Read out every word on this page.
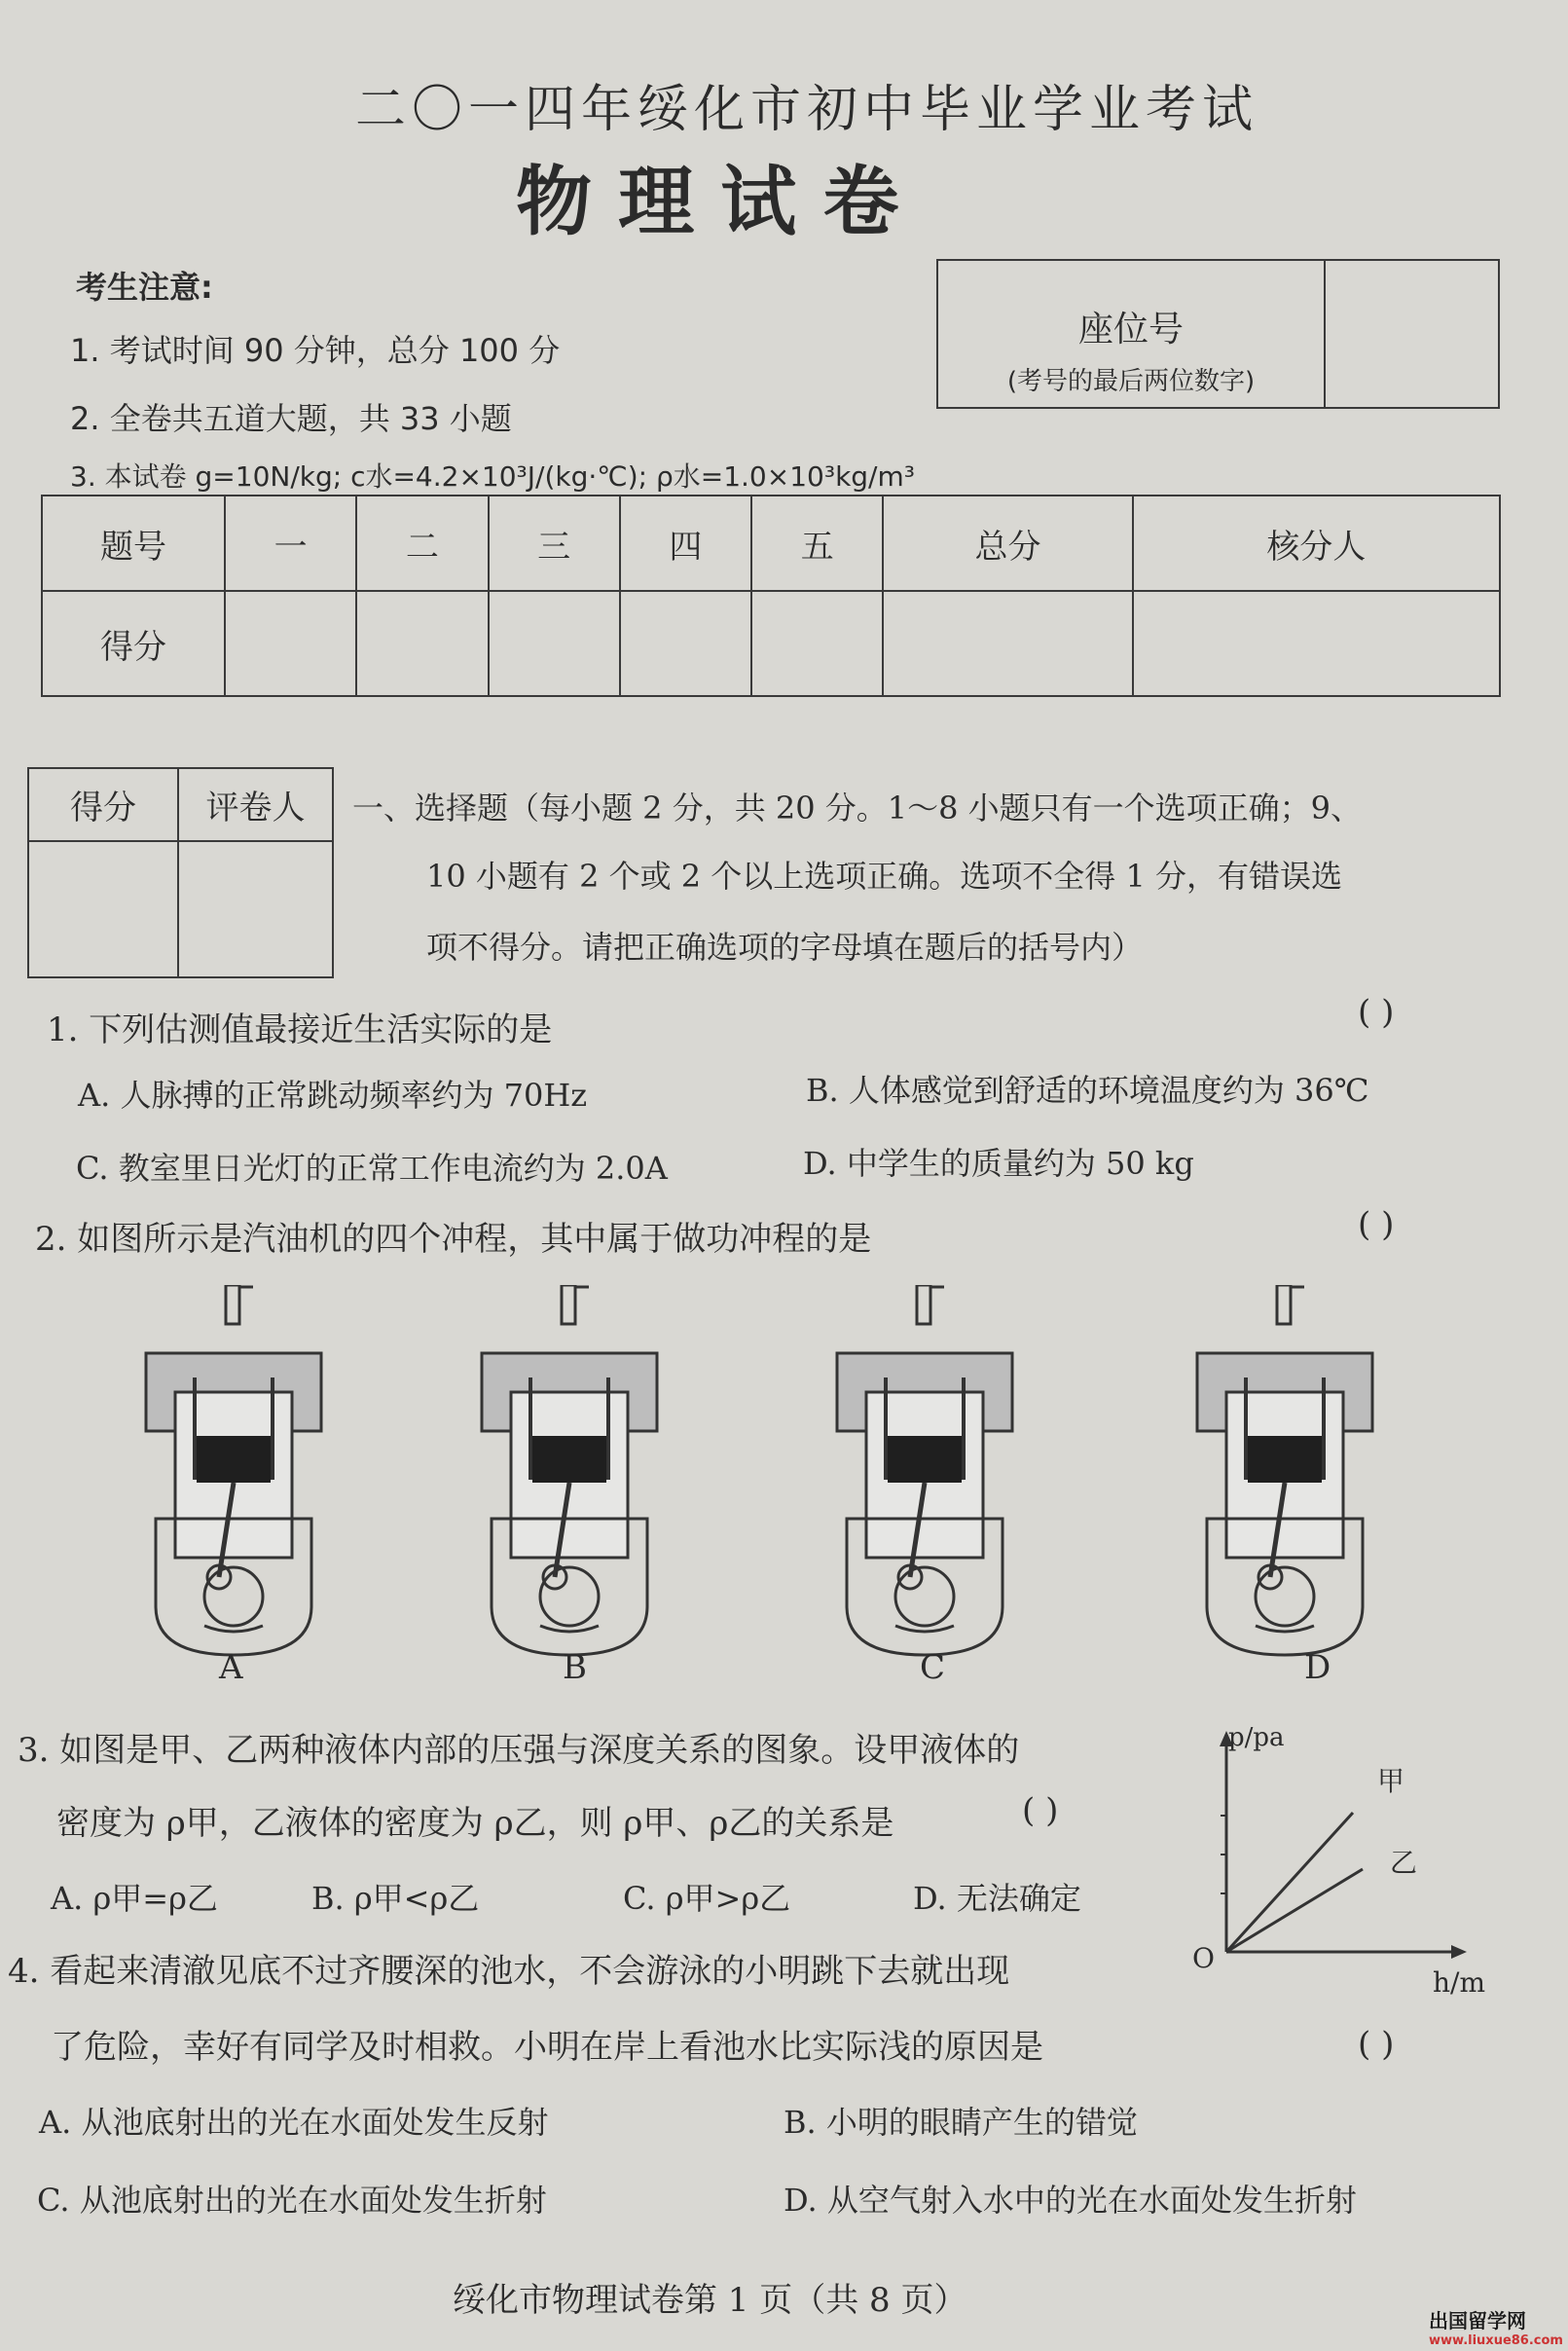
二〇一四年绥化市初中毕业学业考试
物 理 试 卷
考生注意:
1. 考试时间 90 分钟，总分 100 分
2. 全卷共五道大题，共 33 小题
3. 本试卷 g=10N/kg; c水=4.2×10³J/(kg·℃); ρ水=1.0×10³kg/m³
座位号
(考号的最后两位数字)
题号	一	二	三	四	五	总分	核分人
得分							
得分	评卷人
	一、选择题（每小题 2 分，共 20 分。1～8 小题只有一个选项正确；9、
10 小题有 2 个或 2 个以上选项正确。选项不全得 1 分，有错误选
项不得分。请把正确选项的字母填在题后的括号内）
1. 下列估测值最接近生活实际的是	( )
A. 人脉搏的正常跳动频率约为 70Hz	B. 人体感觉到舒适的环境温度约为 36℃
C. 教室里日光灯的正常工作电流约为 2.0A	D. 中学生的质量约为 50 kg
2. 如图所示是汽油机的四个冲程，其中属于做功冲程的是	( )
A	B	C	D
3. 如图是甲、乙两种液体内部的压强与深度关系的图象。设甲液体的
密度为 ρ甲，乙液体的密度为 ρ乙，则 ρ甲、ρ乙的关系是	( )
A. ρ甲=ρ乙	B. ρ甲<ρ乙	C. ρ甲>ρ乙	D. 无法确定
p/pa
h/m
O
甲
乙
4. 看起来清澈见底不过齐腰深的池水，不会游泳的小明跳下去就出现
了危险，幸好有同学及时相救。小明在岸上看池水比实际浅的原因是	( )
A. 从池底射出的光在水面处发生反射	B. 小明的眼睛产生的错觉
C. 从池底射出的光在水面处发生折射	D. 从空气射入水中的光在水面处发生折射
绥化市物理试卷第 1 页（共 8 页）
出国留学网
www.liuxue86.com
